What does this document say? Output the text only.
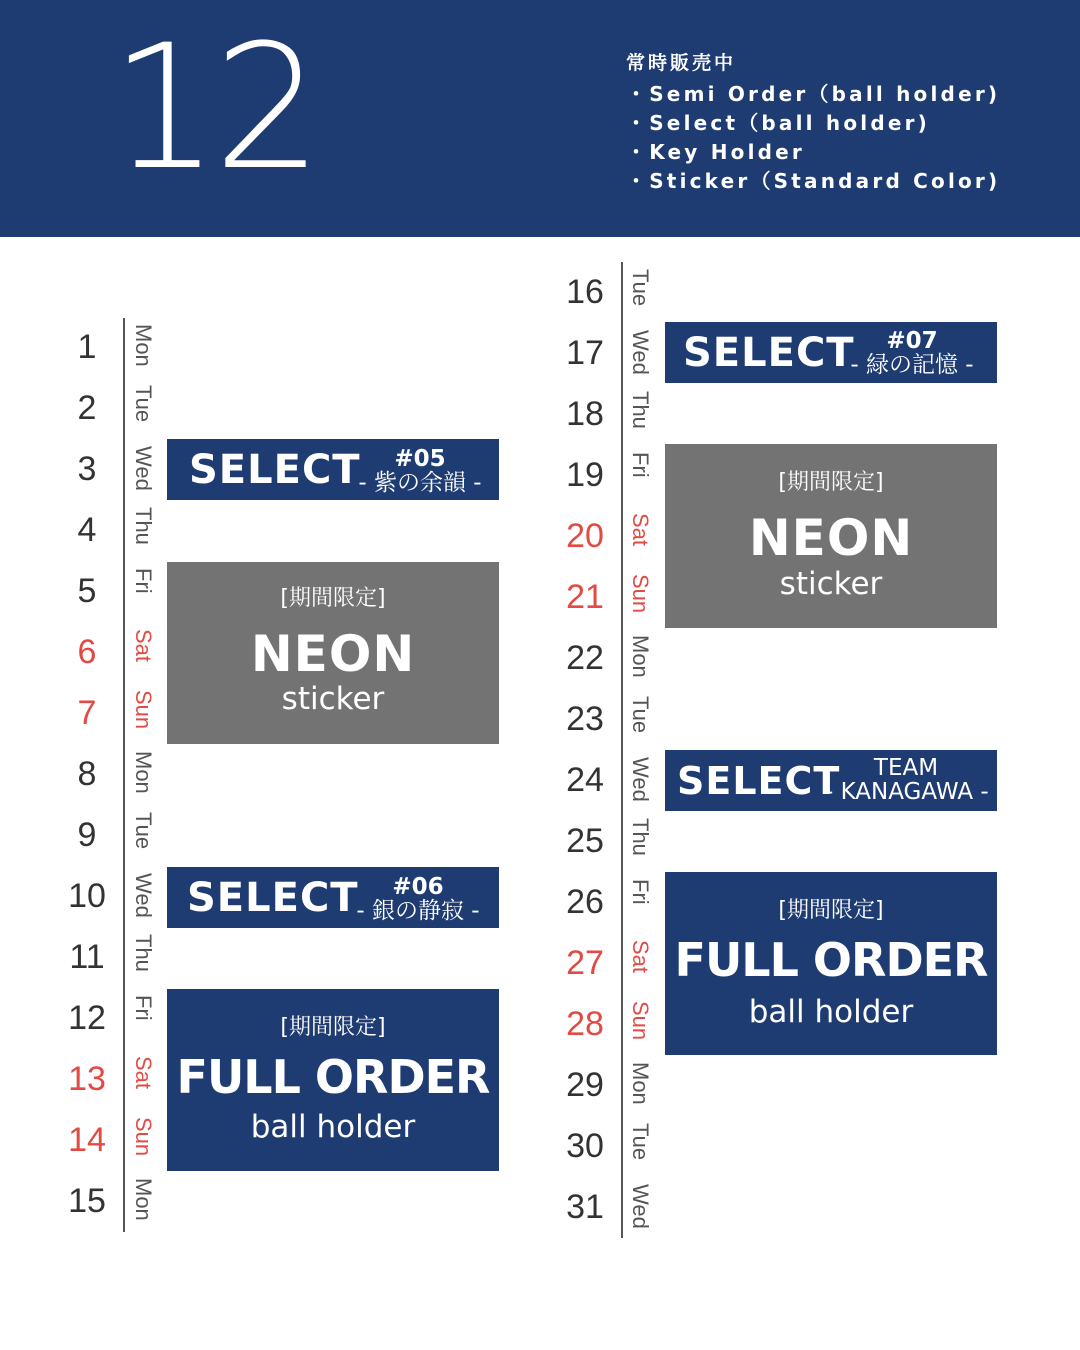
12	常時販売中
・Semi Order（ball holder)
・Select（ball holder)
・Key Holder
・Sticker（Standard Color)
1	Mon
2	Tue
3	Wed
4	Thu
5	Fri
6	Sat
7	Sun
8	Mon
9	Tue
10	Wed
11	Thu
12	Fri
13	Sat
14	Sun
15	Mon
16	Tue
17	Wed
18	Thu
19	Fri
20	Sat
21	Sun
22	Mon
23	Tue
24	Wed
25	Thu
26	Fri
27	Sat
28	Sun
29	Mon
30	Tue
31	Wed
SELECT	#05
- 紫の余韻 -
[期間限定]
NEON
sticker
SELECT	#06
- 銀の静寂 -
[期間限定]
FULL ORDER
ball holder
SELECT	#07
- 緑の記憶 -
[期間限定]
NEON
sticker
SELECT	TEAM
- KANAGAWA -
[期間限定]
FULL ORDER
ball holder
